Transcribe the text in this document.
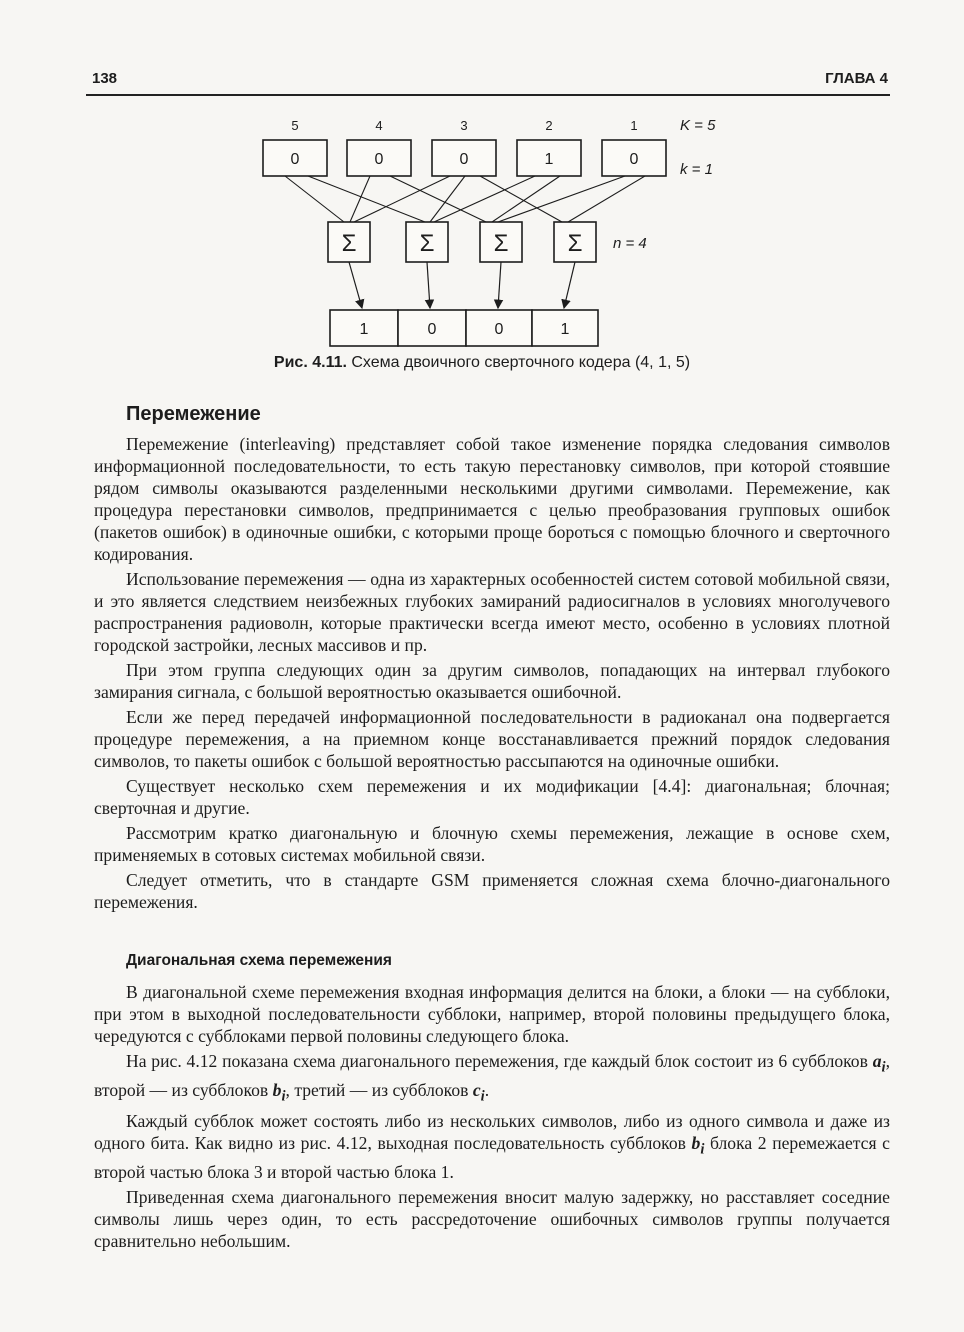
138	ГЛАВА 4
5	4	3	2	1
0	0	0	1	0
K = 5
k = 1
n = 4
Σ	Σ Σ Σ
1	0	0	1
Рис. 4.11. Схема двоичного сверточного кодера (4, 1, 5)
Перемежение

Перемежение (interleaving) представляет собой такое изменение порядка следования символов информационной последовательности, то есть такую перестановку символов, при которой стоявшие рядом символы оказываются разделенными несколькими другими символами. Перемежение, как процедура перестановки символов, предпринимается с целью преобразования групповых ошибок (пакетов ошибок) в одиночные ошибки, с которыми проще бороться с помощью блочного и сверточного кодирования.

Использование перемежения — одна из характерных особенностей систем сотовой мобильной связи, и это является следствием неизбежных глубоких замираний радиосигналов в условиях многолучевого распространения радиоволн, которые практически всегда имеют место, особенно в условиях плотной городской застройки, лесных массивов и пр.

При этом группа следующих один за другим символов, попадающих на интервал глубокого замирания сигнала, с большой вероятностью оказывается ошибочной.

Если же перед передачей информационной последовательности в радиоканал она подвергается процедуре перемежения, а на приемном конце восстанавливается прежний порядок следования символов, то пакеты ошибок с большой вероятностью рассыпаются на одиночные ошибки.

Существует несколько схем перемежения и их модификации [4.4]: диагональная; блочная; сверточная и другие.

Рассмотрим кратко диагональную и блочную схемы перемежения, лежащие в основе схем, применяемых в сотовых системах мобильной связи.

Следует отметить, что в стандарте GSM применяется сложная схема блочно-диагонального перемежения.

Диагональная схема перемежения

В диагональной схеме перемежения входная информация делится на блоки, а блоки — на субблоки, при этом в выходной последовательности субблоки, например, второй половины предыдущего блока, чередуются с субблоками первой половины следующего блока.

На рис. 4.12 показана схема диагонального перемежения, где каждый блок состоит из 6 субблоков $a_i$, второй — из субблоков $b_i$, третий — из субблоков $c_i$.

Каждый субблок может состоять либо из нескольких символов, либо из одного символа и даже из одного бита. Как видно из рис. 4.12, выходная последовательность субблоков $b_i$ блока 2 перемежается с второй частью блока 3 и второй частью блока 1.

Приведенная схема диагонального перемежения вносит малую задержку, но расставляет соседние символы лишь через один, то есть рассредоточение ошибочных символов группы получается сравнительно небольшим.
